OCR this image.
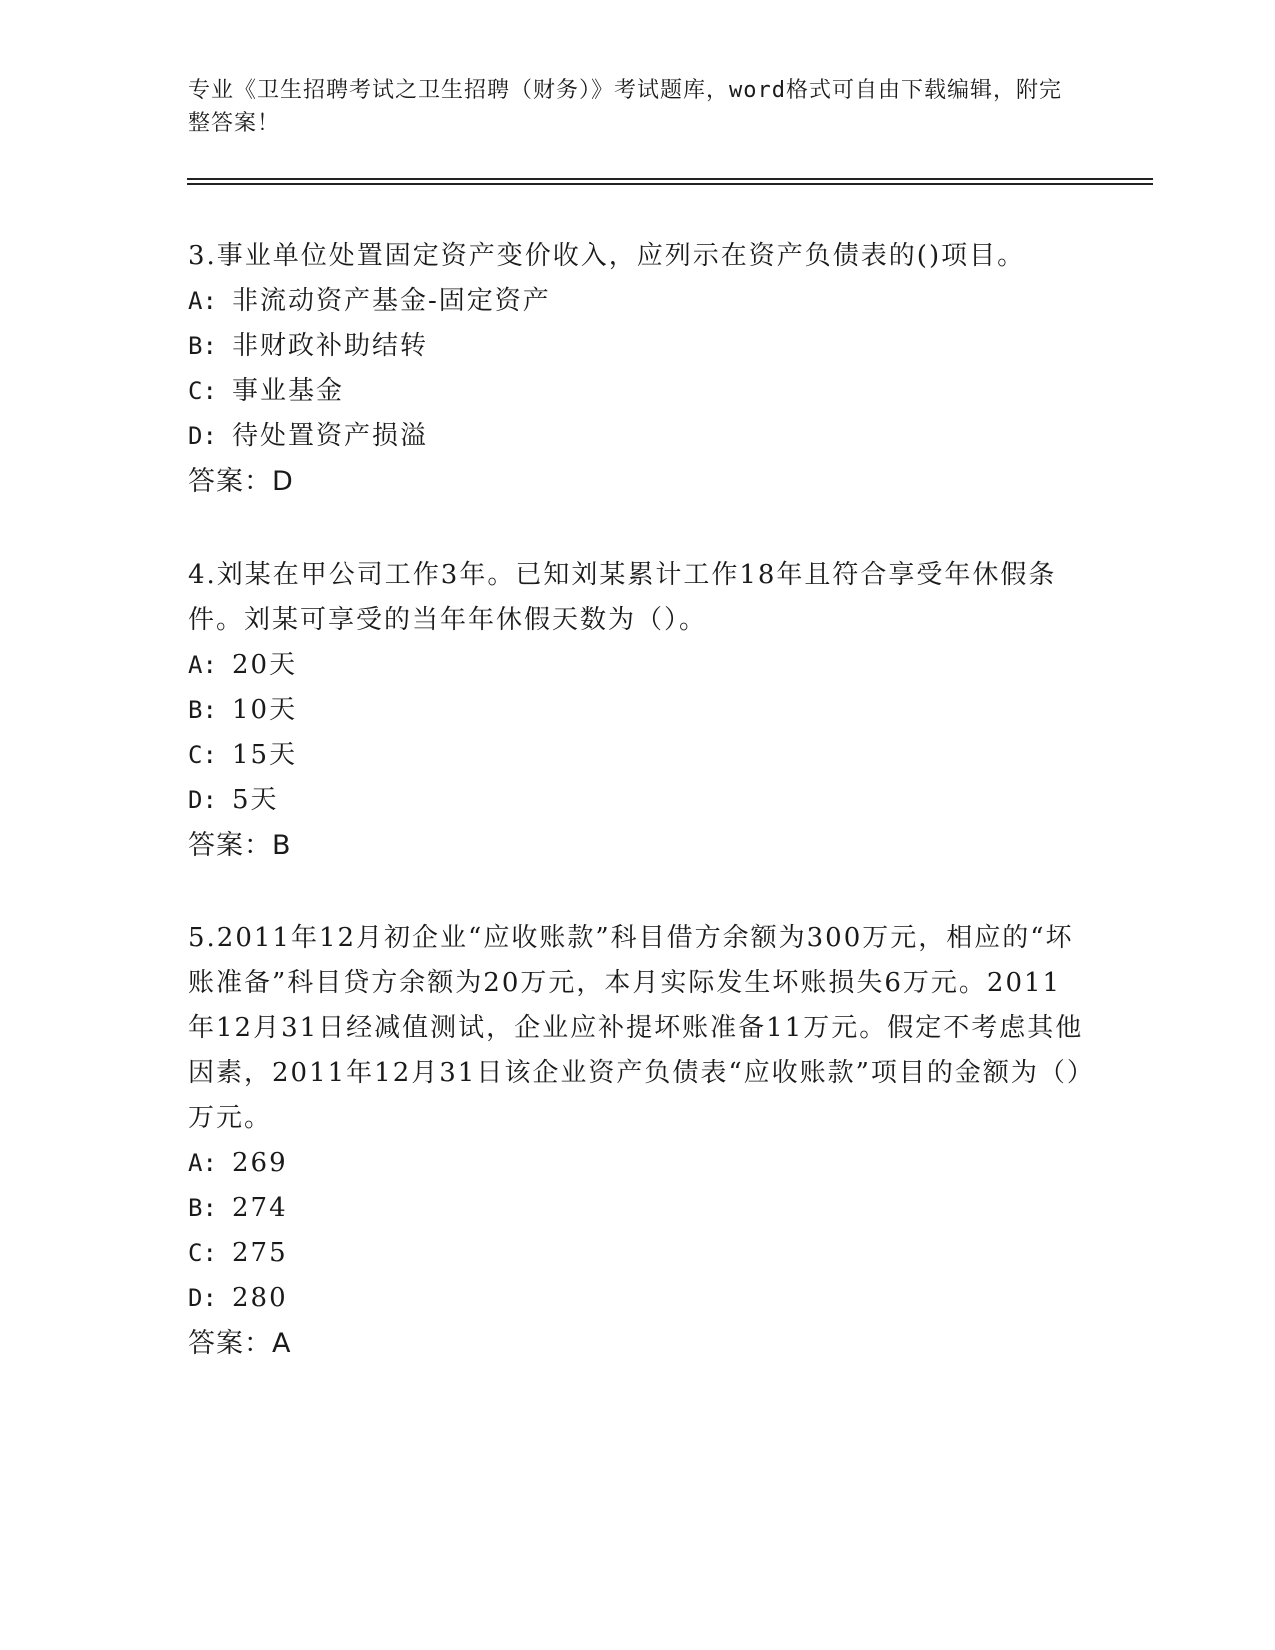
专业《卫生招聘考试之卫生招聘（财务）》考试题库，word格式可自由下载编辑，附完整答案！

3.事业单位处置固定资产变价收入，应列示在资产负债表的()项目。

A: 非流动资产基金-固定资产
B: 非财政补助结转
C: 事业基金
D: 待处置资产损溢
答案：D

4.刘某在甲公司工作3年。已知刘某累计工作18年且符合享受年休假条件。刘某可享受的当年年休假天数为（）。

A: 20天
B: 10天
C: 15天
D: 5天
答案：B

5.2011年12月初企业“应收账款”科目借方余额为300万元，相应的“坏账准备”科目贷方余额为20万元，本月实际发生坏账损失6万元。2011年12月31日经减值测试，企业应补提坏账准备11万元。假定不考虑其他因素，2011年12月31日该企业资产负债表“应收账款”项目的金额为（）万元。

A: 269
B: 274
C: 275
D: 280
答案：A
